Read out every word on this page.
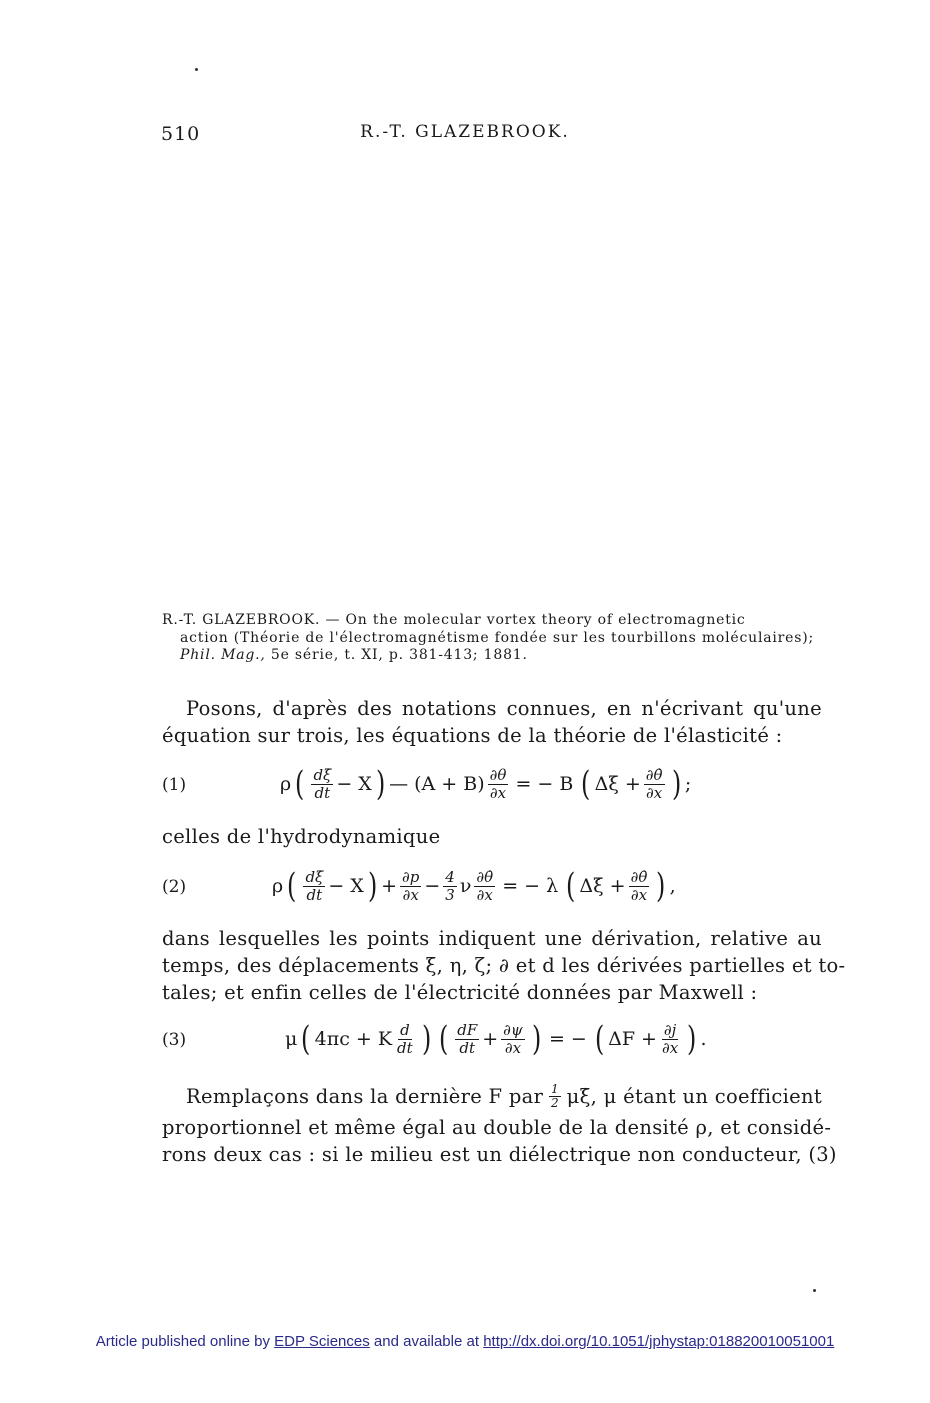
510	R.-T. GLAZEBROOK.
R.-T. GLAZEBROOK. — On the molecular vortex theory of electromagnetic
action (Théorie de l'électromagnétisme fondée sur les tourbillons moléculaires);
Phil. Mag., 5e série, t. XI, p. 381-413; 1881.
Posons, d'après des notations connues, en n'écrivant qu'une
équation sur trois, les équations de la théorie de l'élasticité :
(1)	ρ ( $\frac{d\xi̇}{dt} - X$ ) — $(A + B) \frac{\partial\theta}{\partial x}$ = − B ( $\Delta\xi + \frac{\partial\thetȧ}{\partial x}$ ) ;
celles de l'hydrodynamique
(2)	ρ ( $\frac{d\xi̇}{dt} - X$ ) + $\frac{\partial p}{\partial x} - \frac{4}{3}$ ν $\frac{\partial\thetȧ}{\partial x}$ = − λ ( Δξ̇ + $\frac{\partial\thetȧ}{\partial x}$ ) ,
dans lesquelles les points indiquent une dérivation, relative au
temps, des déplacements ξ, η, ζ; ∂ et d les dérivées partielles et to-
tales; et enfin celles de l'électricité données par Maxwell :
(3)	μ ( 4πc + K $\frac{d}{dt}$ ) ( $\frac{dF}{dt} + \frac{\partial\psi}{\partial x}$ ) = − ( $\Delta F + \frac{\partial j}{\partial x}$ ) .
Remplaçons dans la dernière F par $\frac{1}{2}$ μξ̇, μ étant un coefficient
proportionnel et même égal au double de la densité ρ, et considé-
rons deux cas : si le milieu est un diélectrique non conducteur, (3)
Article published online by EDP Sciences and available at http://dx.doi.org/10.1051/jphystap:018820010051001
